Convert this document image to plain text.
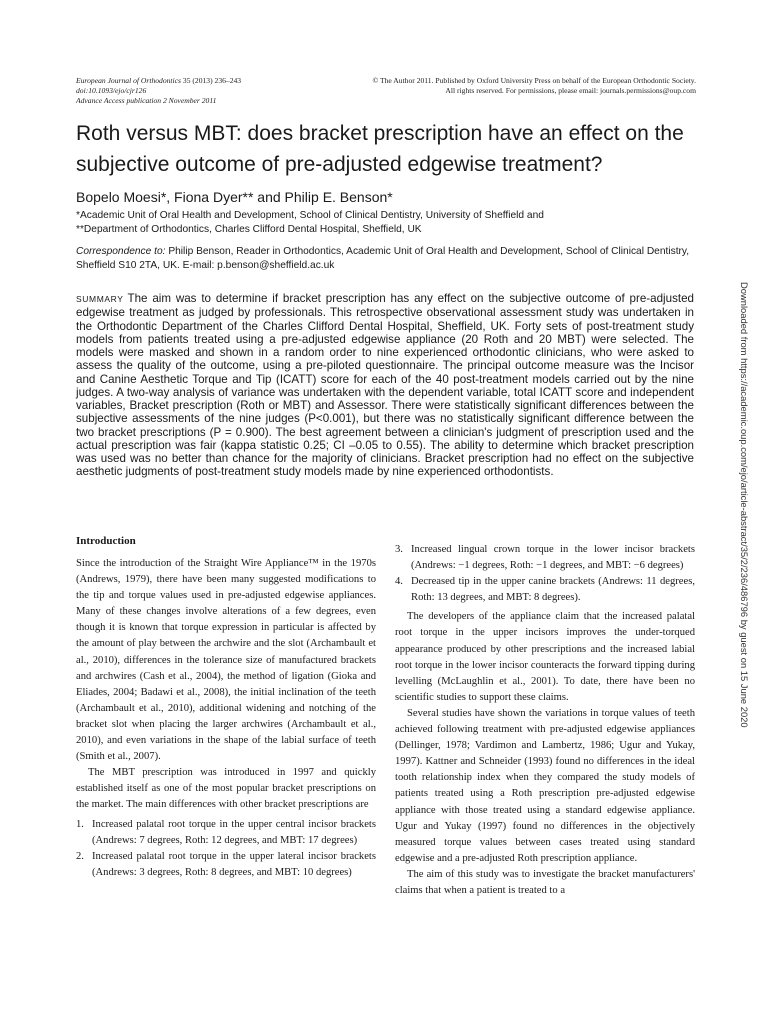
European Journal of Orthodontics 35 (2013) 236–243
doi:10.1093/ejo/cjr126
Advance Access publication 2 November 2011
© The Author 2011. Published by Oxford University Press on behalf of the European Orthodontic Society.
All rights reserved. For permissions, please email: journals.permissions@oup.com
Roth versus MBT: does bracket prescription have an effect on the subjective outcome of pre-adjusted edgewise treatment?
Bopelo Moesi*, Fiona Dyer** and Philip E. Benson*
*Academic Unit of Oral Health and Development, School of Clinical Dentistry, University of Sheffield and
**Department of Orthodontics, Charles Clifford Dental Hospital, Sheffield, UK
Correspondence to: Philip Benson, Reader in Orthodontics, Academic Unit of Oral Health and Development, School of Clinical Dentistry, Sheffield S10 2TA, UK. E-mail: p.benson@sheffield.ac.uk
SUMMARY The aim was to determine if bracket prescription has any effect on the subjective outcome of pre-adjusted edgewise treatment as judged by professionals. This retrospective observational assessment study was undertaken in the Orthodontic Department of the Charles Clifford Dental Hospital, Sheffield, UK. Forty sets of post-treatment study models from patients treated using a pre-adjusted edgewise appliance (20 Roth and 20 MBT) were selected. The models were masked and shown in a random order to nine experienced orthodontic clinicians, who were asked to assess the quality of the outcome, using a pre-piloted questionnaire. The principal outcome measure was the Incisor and Canine Aesthetic Torque and Tip (ICATT) score for each of the 40 post-treatment models carried out by the nine judges. A two-way analysis of variance was undertaken with the dependent variable, total ICATT score and independent variables, Bracket prescription (Roth or MBT) and Assessor. There were statistically significant differences between the subjective assessments of the nine judges (P<0.001), but there was no statistically significant difference between the two bracket prescriptions (P = 0.900). The best agreement between a clinician's judgment of prescription used and the actual prescription was fair (kappa statistic 0.25; CI –0.05 to 0.55). The ability to determine which bracket prescription was used was no better than chance for the majority of clinicians. Bracket prescription had no effect on the subjective aesthetic judgments of post-treatment study models made by nine experienced orthodontists.
Introduction

Since the introduction of the Straight Wire Appliance™ in the 1970s (Andrews, 1979), there have been many suggested modifications to the tip and torque values used in pre-adjusted edgewise appliances. Many of these changes involve alterations of a few degrees, even though it is known that torque expression in particular is affected by the amount of play between the archwire and the slot (Archambault et al., 2010), differences in the tolerance size of manufactured brackets and archwires (Cash et al., 2004), the method of ligation (Gioka and Eliades, 2004; Badawi et al., 2008), the initial inclination of the teeth (Archambault et al., 2010), additional widening and notching of the bracket slot when placing the larger archwires (Archambault et al., 2010), and even variations in the shape of the labial surface of teeth (Smith et al., 2007).

The MBT prescription was introduced in 1997 and quickly established itself as one of the most popular bracket prescriptions on the market. The main differences with other bracket prescriptions are

1. Increased palatal root torque in the upper central incisor brackets (Andrews: 7 degrees, Roth: 12 degrees, and MBT: 17 degrees)
2. Increased palatal root torque in the upper lateral incisor brackets (Andrews: 3 degrees, Roth: 8 degrees, and MBT: 10 degrees)
3. Increased lingual crown torque in the lower incisor brackets (Andrews: −1 degrees, Roth: −1 degrees, and MBT: −6 degrees)
4. Decreased tip in the upper canine brackets (Andrews: 11 degrees, Roth: 13 degrees, and MBT: 8 degrees).

The developers of the appliance claim that the increased palatal root torque in the upper incisors improves the under-torqued appearance produced by other prescriptions and the increased labial root torque in the lower incisor counteracts the forward tipping during levelling (McLaughlin et al., 2001). To date, there have been no scientific studies to support these claims.

Several studies have shown the variations in torque values of teeth achieved following treatment with pre-adjusted edgewise appliances (Dellinger, 1978; Vardimon and Lambertz, 1986; Ugur and Yukay, 1997). Kattner and Schneider (1993) found no differences in the ideal tooth relationship index when they compared the study models of patients treated using a Roth prescription pre-adjusted edgewise appliance with those treated using a standard edgewise appliance. Ugur and Yukay (1997) found no differences in the objectively measured torque values between cases treated using standard edgewise and a pre-adjusted Roth prescription appliance.

The aim of this study was to investigate the bracket manufacturers' claims that when a patient is treated to a

Downloaded from https://academic.oup.com/ejo/article-abstract/35/2/236/486796 by guest on 15 June 2020
